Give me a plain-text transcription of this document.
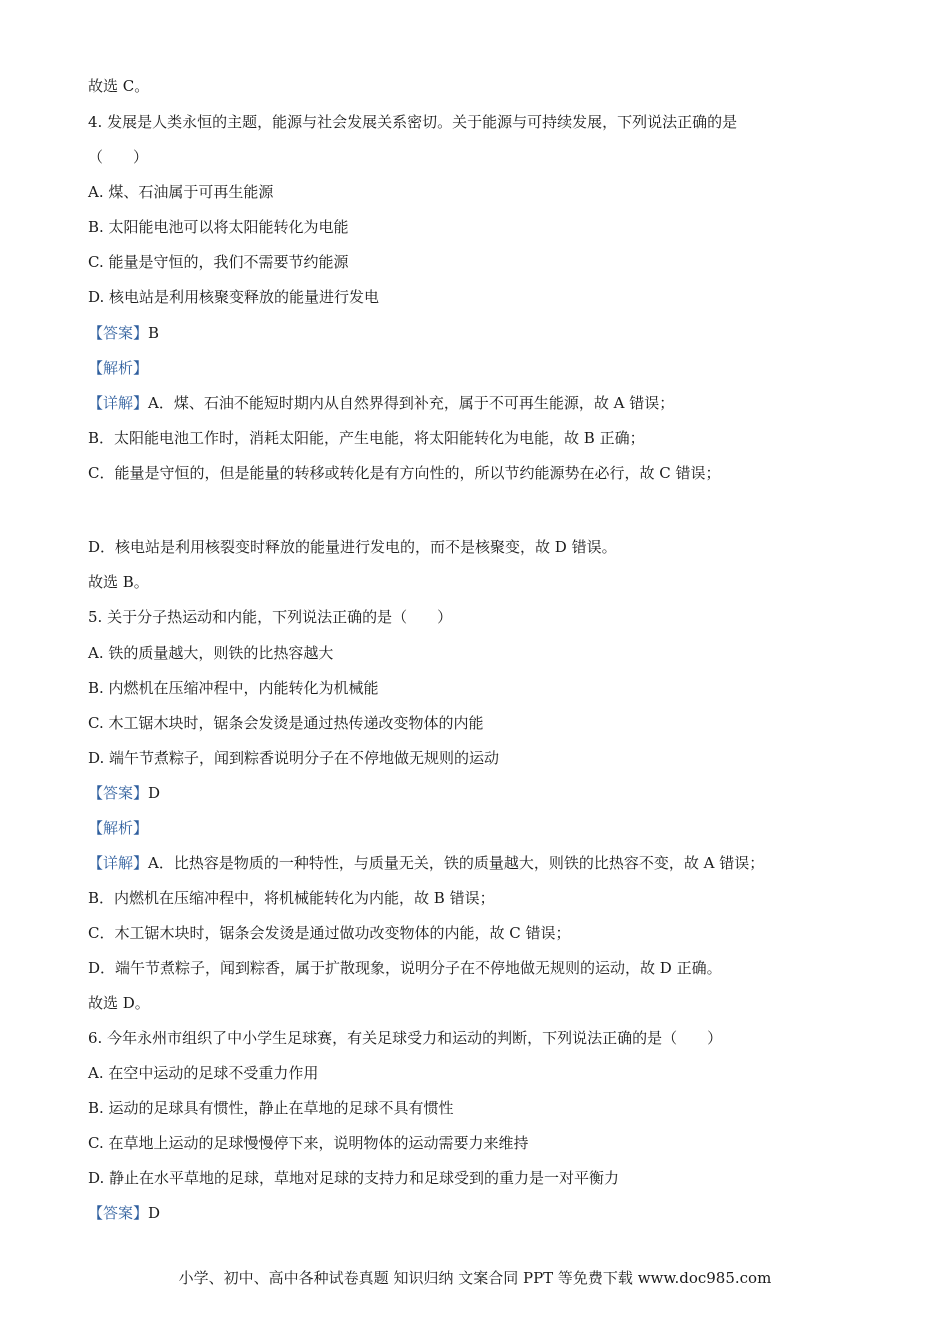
故选 C。
4. 发展是人类永恒的主题，能源与社会发展关系密切。关于能源与可持续发展，下列说法正确的是
（　　）
A. 煤、石油属于可再生能源
B. 太阳能电池可以将太阳能转化为电能
C. 能量是守恒的，我们不需要节约能源
D. 核电站是利用核聚变释放的能量进行发电
【答案】B
【解析】
【详解】A．煤、石油不能短时期内从自然界得到补充，属于不可再生能源，故 A 错误；
B．太阳能电池工作时，消耗太阳能，产生电能，将太阳能转化为电能，故 B 正确；
C．能量是守恒的，但是能量的转移或转化是有方向性的，所以节约能源势在必行，故 C 错误；
D．核电站是利用核裂变时释放的能量进行发电的，而不是核聚变，故 D 错误。
故选 B。
5. 关于分子热运动和内能，下列说法正确的是（　　）
A. 铁的质量越大，则铁的比热容越大
B. 内燃机在压缩冲程中，内能转化为机械能
C. 木工锯木块时，锯条会发烫是通过热传递改变物体的内能
D. 端午节煮粽子，闻到粽香说明分子在不停地做无规则的运动
【答案】D
【解析】
【详解】A．比热容是物质的一种特性，与质量无关，铁的质量越大，则铁的比热容不变，故 A 错误；
B．内燃机在压缩冲程中，将机械能转化为内能，故 B 错误；
C．木工锯木块时，锯条会发烫是通过做功改变物体的内能，故 C 错误；
D．端午节煮粽子，闻到粽香，属于扩散现象，说明分子在不停地做无规则的运动，故 D 正确。
故选 D。
6. 今年永州市组织了中小学生足球赛，有关足球受力和运动的判断，下列说法正确的是（　　）
A. 在空中运动的足球不受重力作用
B. 运动的足球具有惯性，静止在草地的足球不具有惯性
C. 在草地上运动的足球慢慢停下来，说明物体的运动需要力来维持
D. 静止在水平草地的足球，草地对足球的支持力和足球受到的重力是一对平衡力
【答案】D
小学、初中、高中各种试卷真题 知识归纳 文案合同 PPT 等免费下载 www.doc985.com
